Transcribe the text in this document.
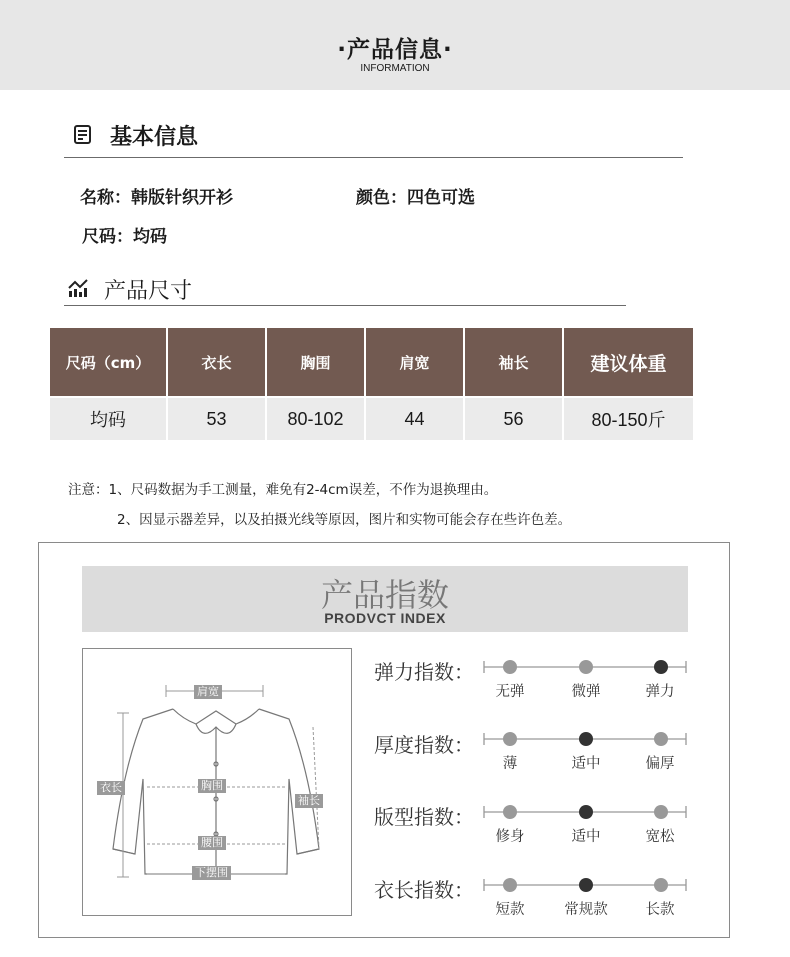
·产品信息·
INFORMATION
基本信息
名称：韩版针织开衫	颜色：四色可选
尺码：均码
产品尺寸
尺码（cm）	衣长	胸围	肩宽	袖长	建议体重
均码	53	80-102	44	56	80-150斤
注意：1、尺码数据为手工测量，难免有2-4cm误差，不作为退换理由。
2、因显示器差异，以及拍摄光线等原因，图片和实物可能会存在些许色差。
产品指数
PRODVCT INDEX
肩宽
衣长	胸围
袖长
腰围
下摆围
弹力指数：
无弹	微弹	弹力
厚度指数：
薄	适中	偏厚
版型指数：
修身	适中	宽松
衣长指数：
短款	常规款	长款
